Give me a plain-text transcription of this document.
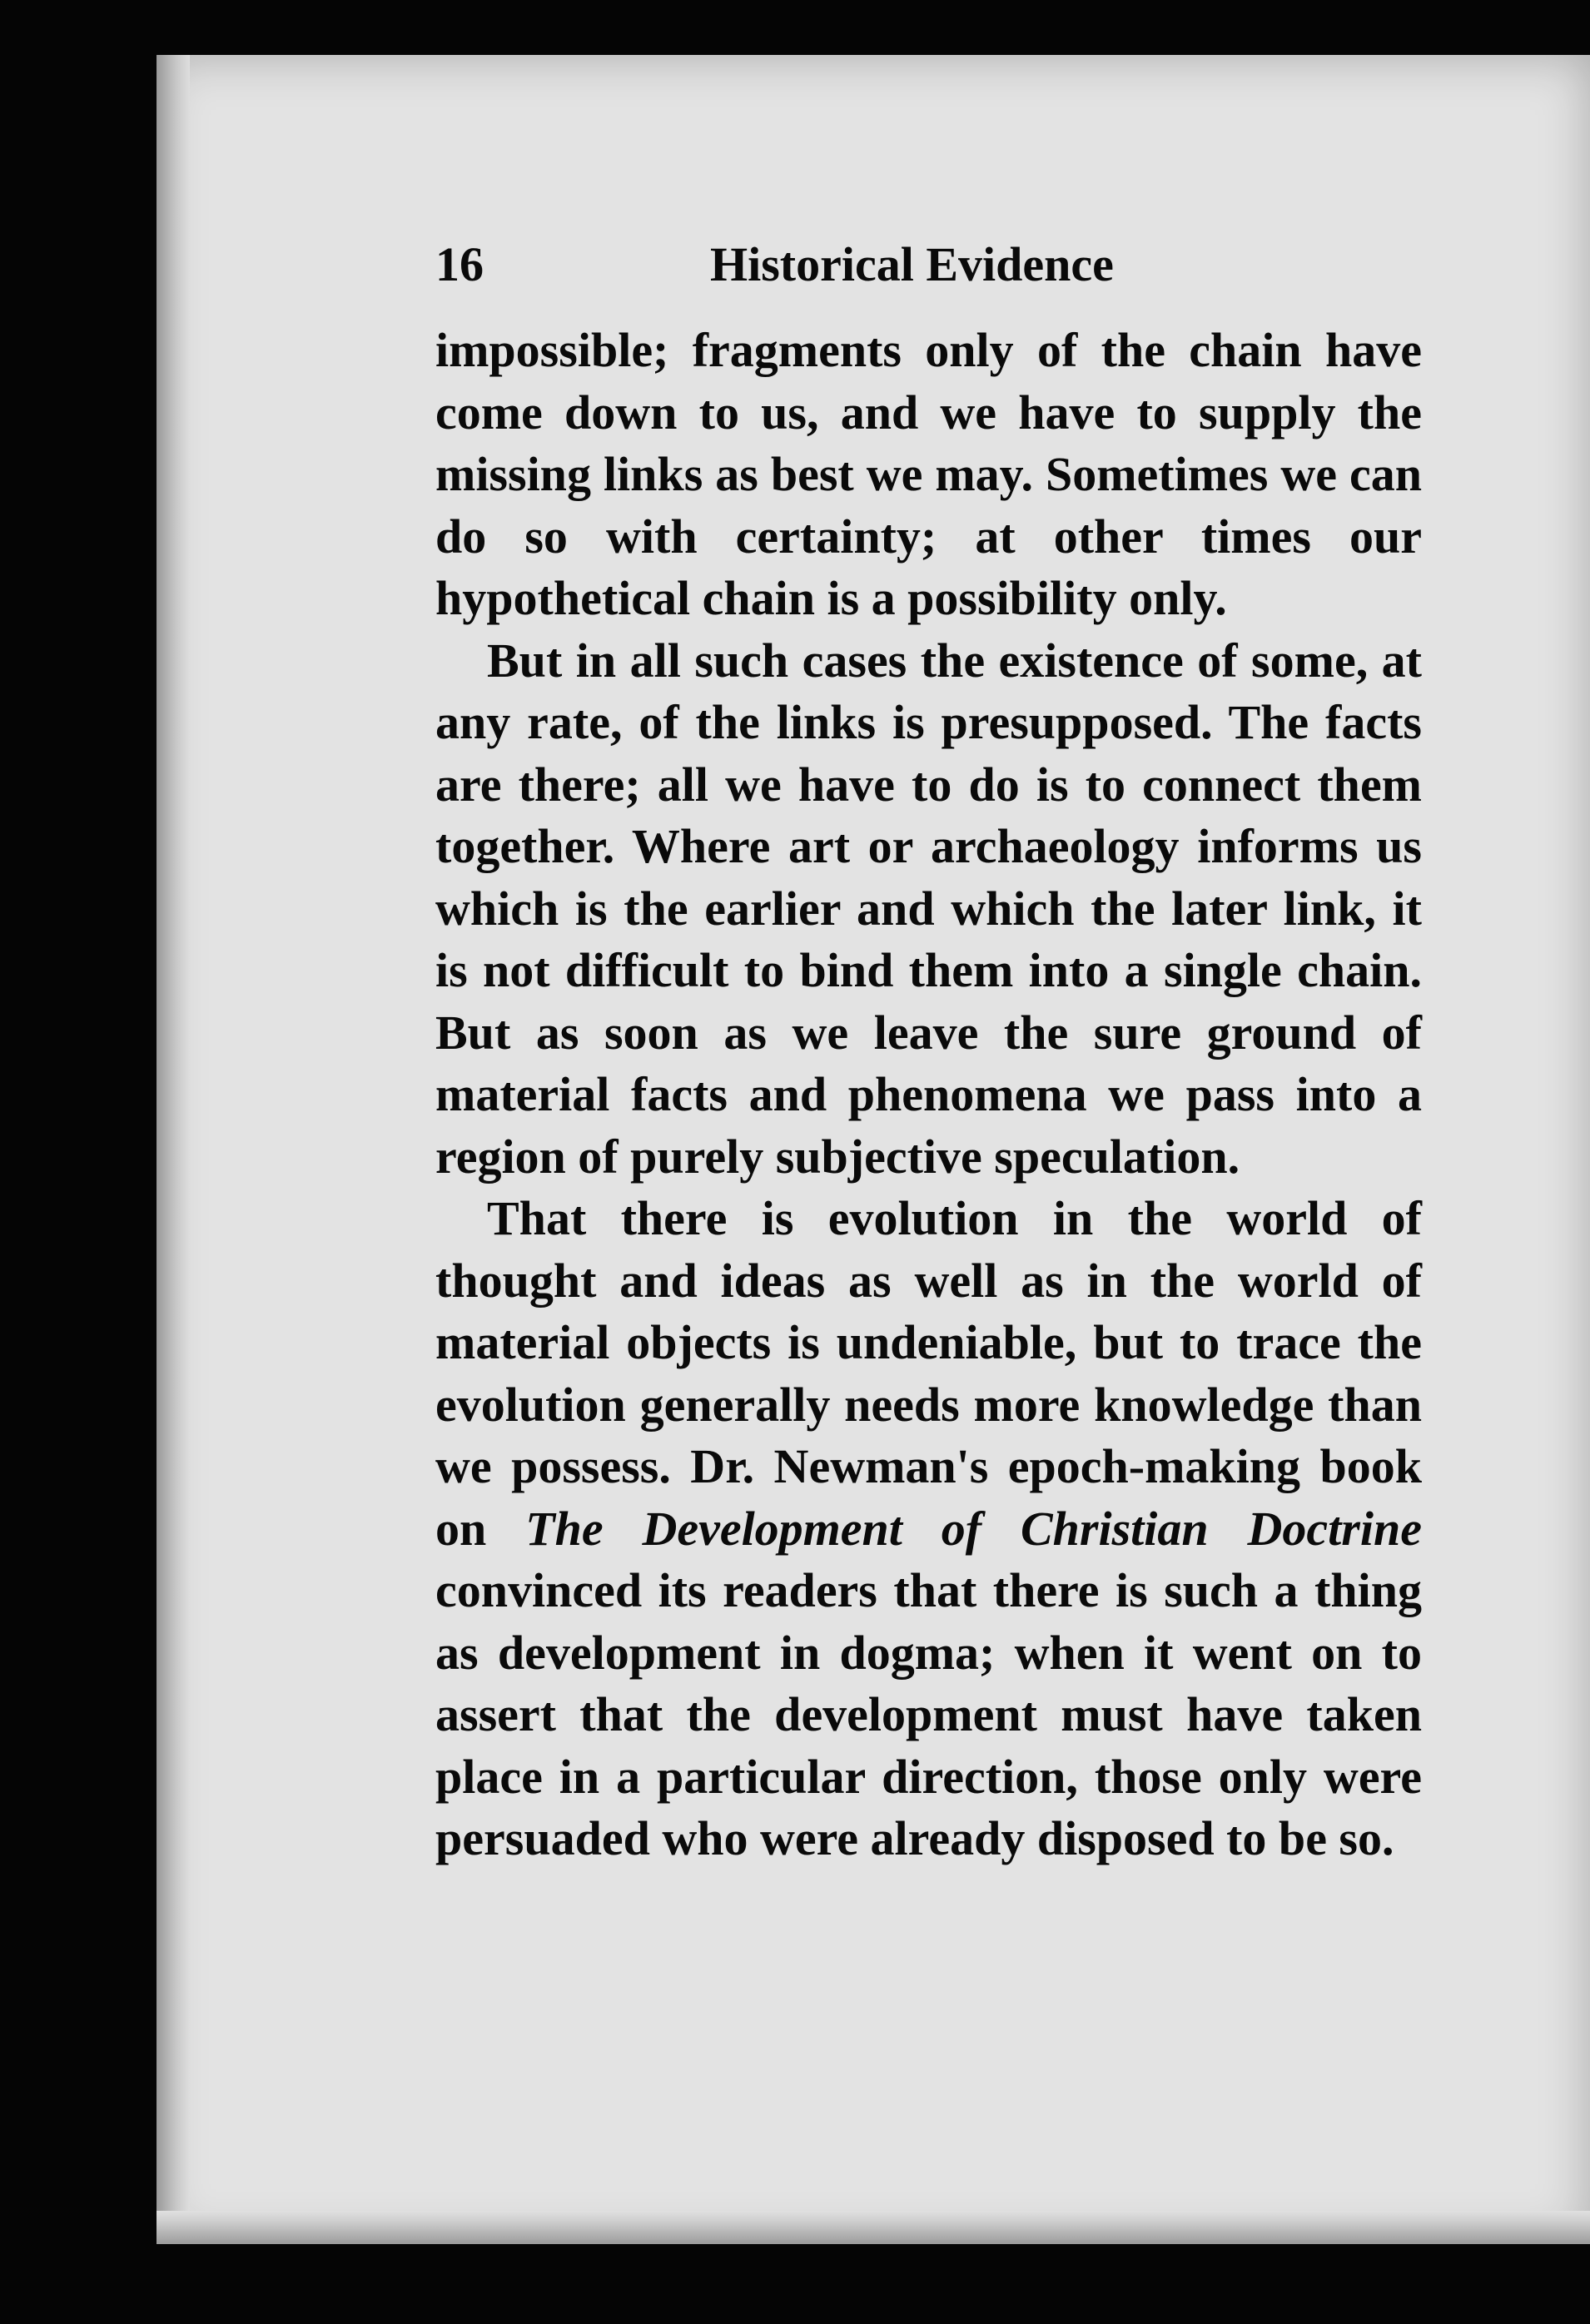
16	Historical Evidence

impossible; fragments only of the chain have come down to us, and we have to supply the missing links as best we may. Sometimes we can do so with certainty; at other times our hypothetical chain is a possibility only.

But in all such cases the existence of some, at any rate, of the links is presupposed. The facts are there; all we have to do is to connect them together. Where art or archaeology informs us which is the earlier and which the later link, it is not difficult to bind them into a single chain. But as soon as we leave the sure ground of material facts and phenomena we pass into a region of purely subjective speculation.

That there is evolution in the world of thought and ideas as well as in the world of material objects is undeniable, but to trace the evolution generally needs more knowledge than we possess. Dr. Newman's epoch-making book on The Development of Christian Doctrine convinced its readers that there is such a thing as development in dogma; when it went on to assert that the development must have taken place in a particular direction, those only were persuaded who were already disposed to be so.
